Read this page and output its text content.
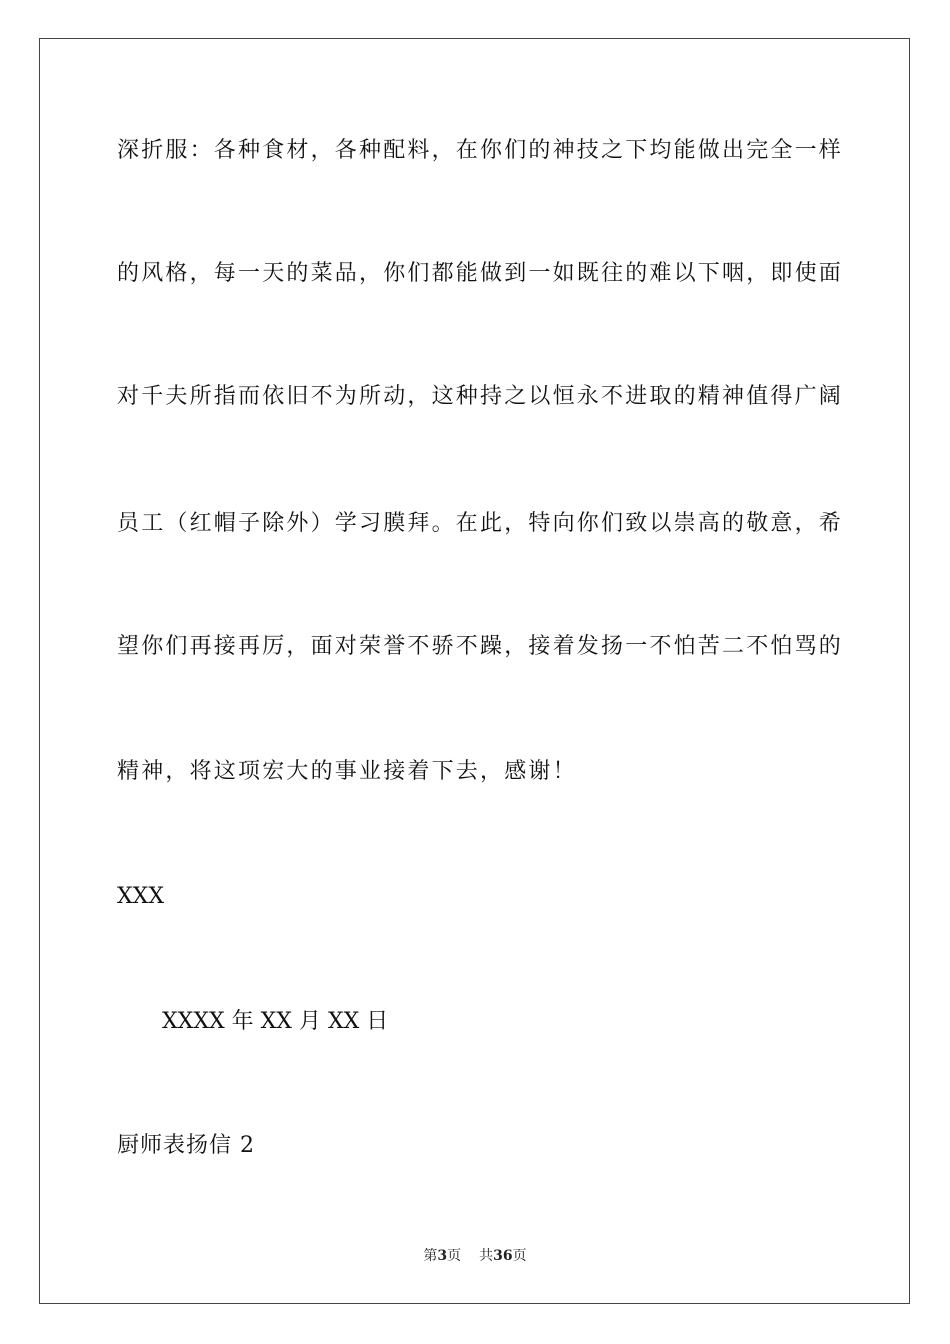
深折服：各种食材，各种配料，在你们的神技之下均能做出完全一样
的风格，每一天的菜品，你们都能做到一如既往的难以下咽，即使面
对千夫所指而依旧不为所动，这种持之以恒永不进取的精神值得广阔
员工（红帽子除外）学习膜拜。在此，特向你们致以崇高的敬意，希
望你们再接再厉，面对荣誉不骄不躁，接着发扬一不怕苦二不怕骂的
精神，将这项宏大的事业接着下去，感谢！
XXX
XXXX 年 XX 月 XX 日
厨师表扬信 2
第3页 共36页
